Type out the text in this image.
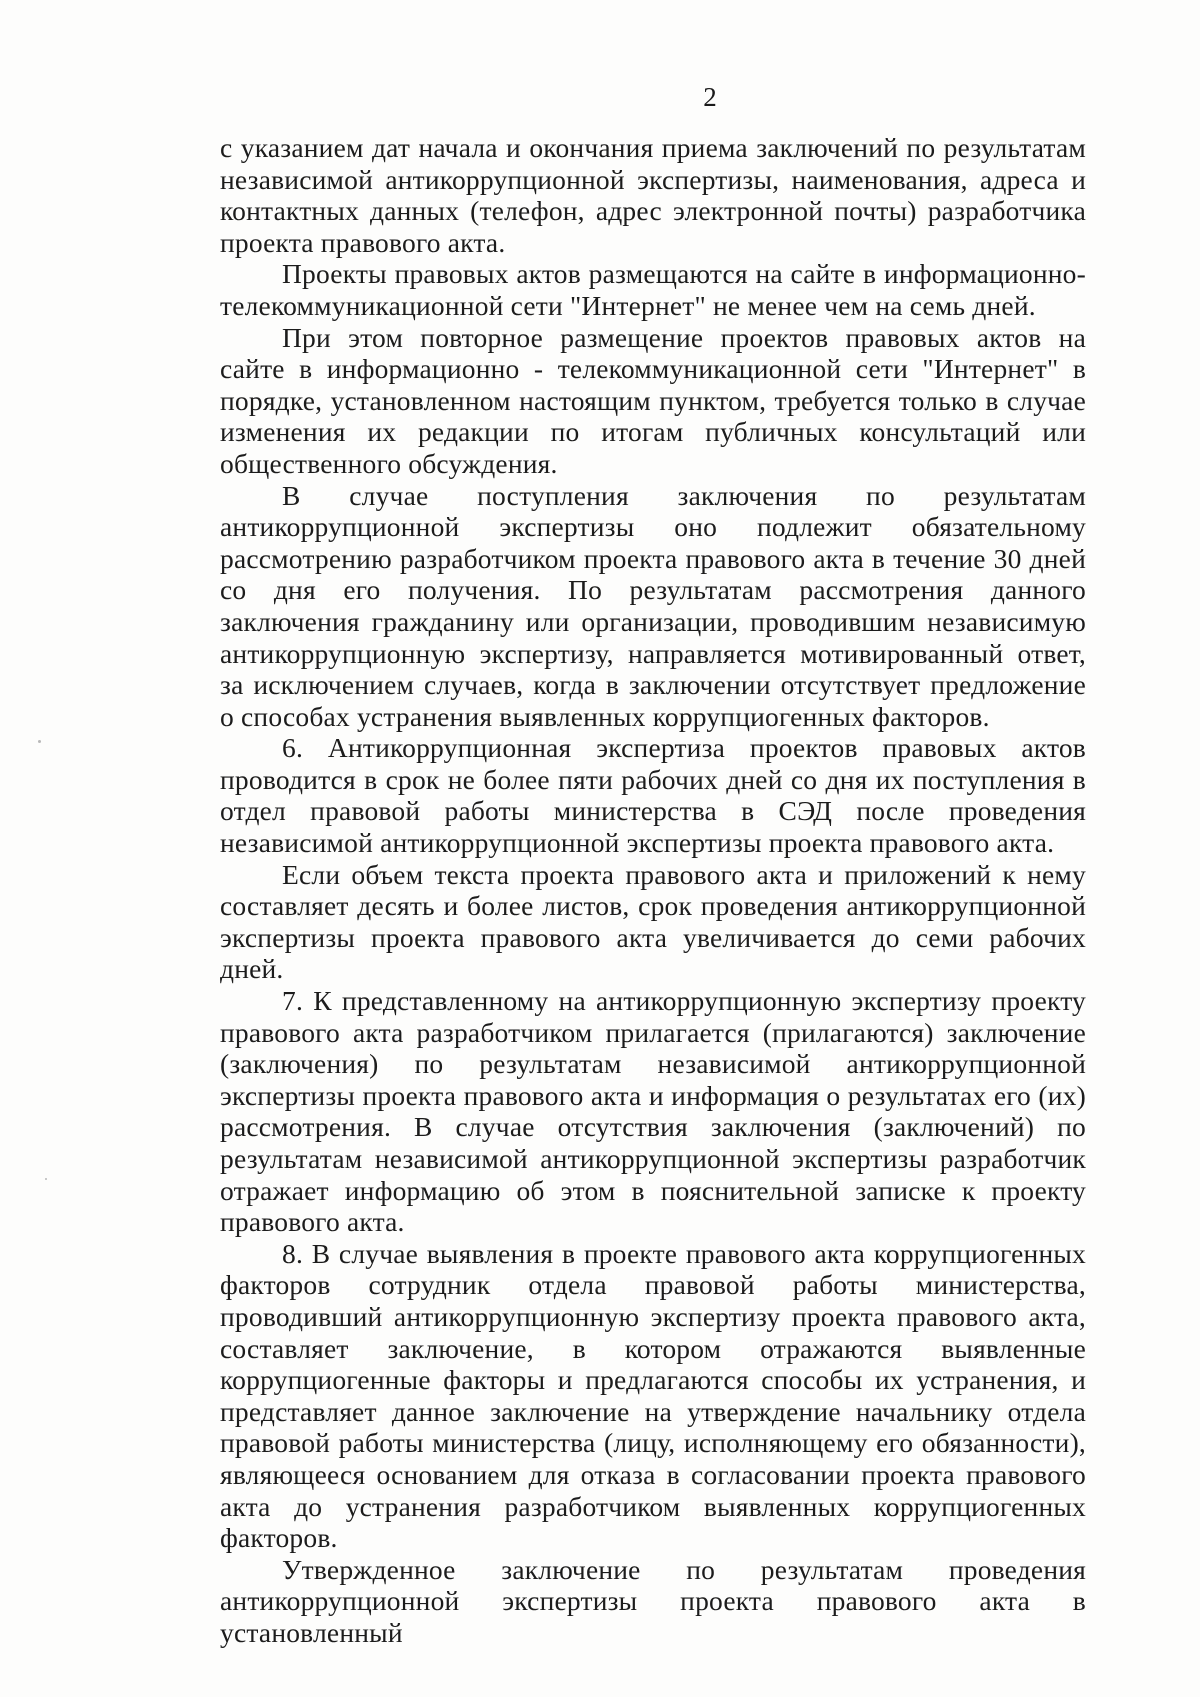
2

с указанием дат начала и окончания приема заключений по результатам независимой антикоррупционной экспертизы, наименования, адреса и контактных данных (телефон, адрес электронной почты) разработчика проекта правового акта.

Проекты правовых актов размещаются на сайте в информационно-телекоммуникационной сети "Интернет" не менее чем на семь дней.

При этом повторное размещение проектов правовых актов на сайте в информационно - телекоммуникационной сети "Интернет" в порядке, установленном настоящим пунктом, требуется только в случае изменения их редакции по итогам публичных консультаций или общественного обсуждения.

В случае поступления заключения по результатам антикоррупционной экспертизы оно подлежит обязательному рассмотрению разработчиком проекта правового акта в течение 30 дней со дня его получения. По результатам рассмотрения данного заключения гражданину или организации, проводившим независимую антикоррупционную экспертизу, направляется мотивированный ответ, за исключением случаев, когда в заключении отсутствует предложение о способах устранения выявленных коррупциогенных факторов.

6. Антикоррупционная экспертиза проектов правовых актов проводится в срок не более пяти рабочих дней со дня их поступления в отдел правовой работы министерства в СЭД после проведения независимой антикоррупционной экспертизы проекта правового акта.

Если объем текста проекта правового акта и приложений к нему составляет десять и более листов, срок проведения антикоррупционной экспертизы проекта правового акта увеличивается до семи рабочих дней.

7. К представленному на антикоррупционную экспертизу проекту правового акта разработчиком прилагается (прилагаются) заключение (заключения) по результатам независимой антикоррупционной экспертизы проекта правового акта и информация о результатах его (их) рассмотрения. В случае отсутствия заключения (заключений) по результатам независимой антикоррупционной экспертизы разработчик отражает информацию об этом в пояснительной записке к проекту правового акта.

8. В случае выявления в проекте правового акта коррупциогенных факторов сотрудник отдела правовой работы министерства, проводивший антикоррупционную экспертизу проекта правового акта, составляет заключение, в котором отражаются выявленные коррупциогенные факторы и предлагаются способы их устранения, и представляет данное заключение на утверждение начальнику отдела правовой работы министерства (лицу, исполняющему его обязанности), являющееся основанием для отказа в согласовании проекта правового акта до устранения разработчиком выявленных коррупциогенных факторов.

Утвержденное заключение по результатам проведения антикоррупционной экспертизы проекта правового акта в установленный
